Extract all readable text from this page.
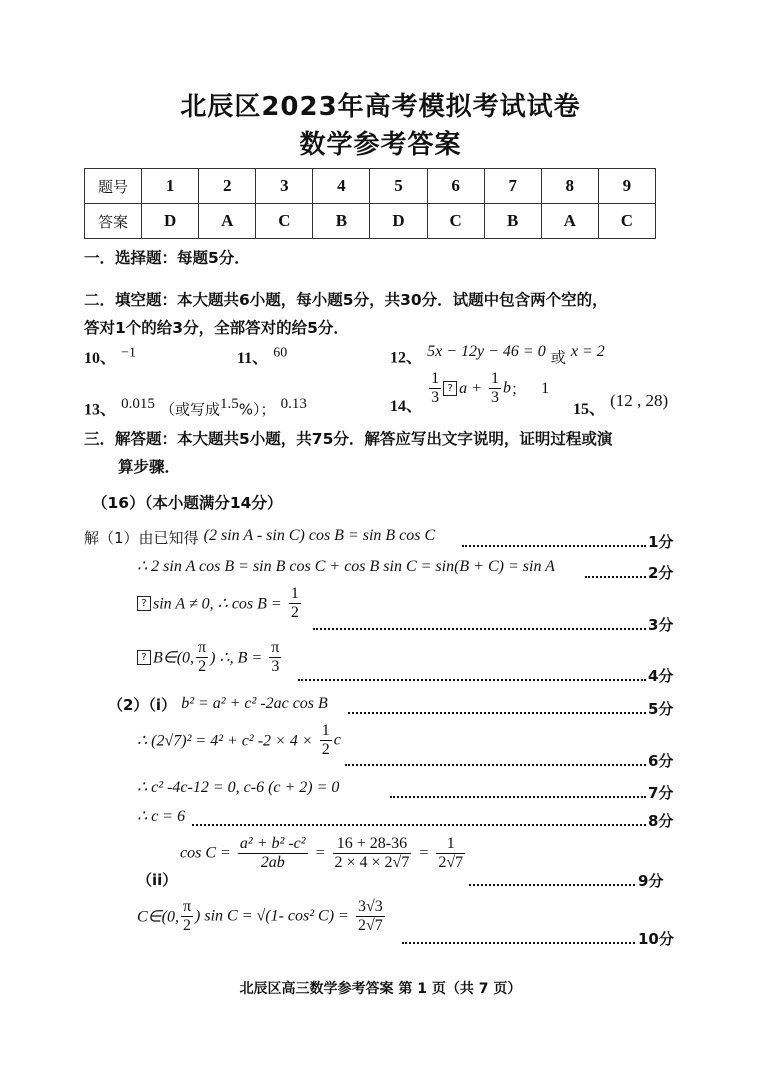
北辰区2023年高考模拟考试试卷
数学参考答案
题号	1	2	3	4	5	6	7	8	9
答案	D	A	C	B	D	C	B	A	C
一．选择题：每题5分．
二．填空题：本大题共6小题，每小题5分，共30分．试题中包含两个空的，
答对1个的给3分，全部答对的给5分．
10、 −1	11、 60	12、 5x − 12y − 46 = 0 或 x = 2
13、 0.015 （或写成1.5%）； 0.13	14、 $\frac{1}{3}$ ? $a + \frac{1}{3}$ b； 1
15、 (12 , 28)
三．解答题：本大题共5小题，共75分．解答应写出文字说明，证明过程或演
算步骤．
（16）（本小题满分14分）
解（1）由已知得 (2 sin A - sin C) cos B = sin B cos C	1分
∴ 2 sin A cos B = sin B cos C + cos B sin C = sin(B + C) = sin A	2分
? sin A ≠ 0, ∴ $\cos B = \frac{1}{2}$
3分
? B∈(0, $\frac{\pi}{2}$ ) ∴, $B = \frac{\pi}{3}$	4分
（2）（i） b² = a² + c² -2ac cos B	5分
∴ (2√7)² = 4² + c² $-2 \times 4 \times \frac{1}{2}$ c
6分
∴ c² -4c-12 = 0, c-6 (c + 2) = 0	7分
∴ c = 6	8分
（ii）
$\cos C = \frac{\text{a² + b² -c²}}{2ab} = \frac{16 + 28-36}{2 \times 4 \times 2√7} = \frac{1}{2√7}$
9分
C∈(0, $\frac{\pi}{2}$ ) sin C = √(1- cos² $C) = \frac{3√3}{2√7}$
10分
北辰区高三数学参考答案 第 1 页（共 7 页）
